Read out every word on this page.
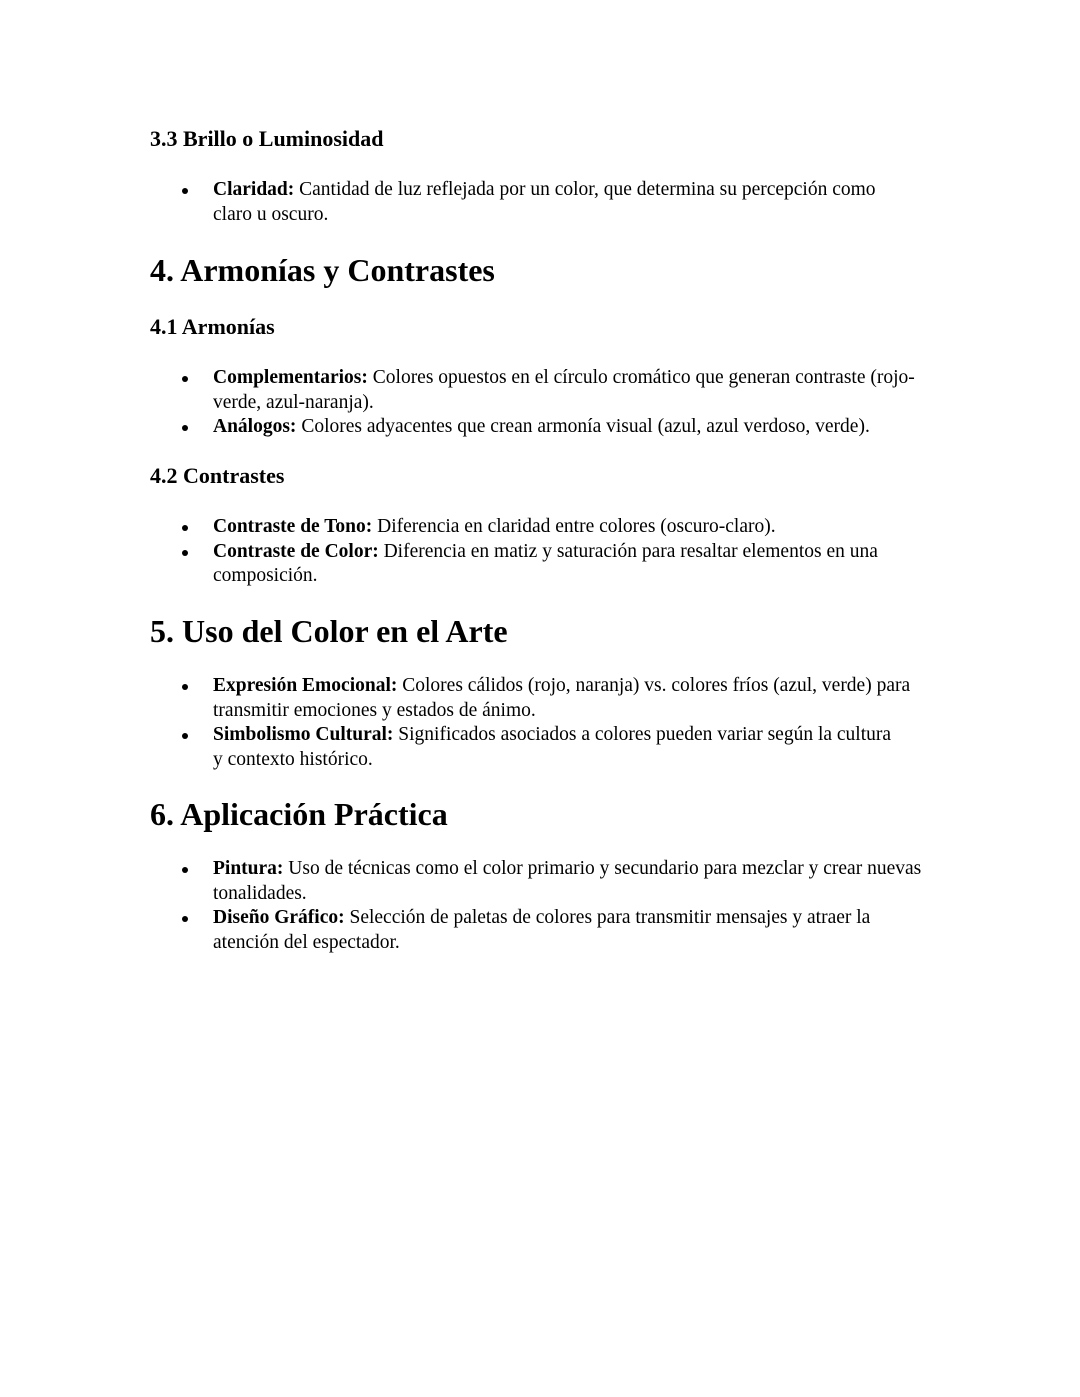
3.3 Brillo o Luminosidad
Claridad: Cantidad de luz reflejada por un color, que determina su percepción como claro u oscuro.
4. Armonías y Contrastes
4.1 Armonías
Complementarios: Colores opuestos en el círculo cromático que generan contraste (rojo-verde, azul-naranja).
Análogos: Colores adyacentes que crean armonía visual (azul, azul verdoso, verde).
4.2 Contrastes
Contraste de Tono: Diferencia en claridad entre colores (oscuro-claro).
Contraste de Color: Diferencia en matiz y saturación para resaltar elementos en una composición.
5. Uso del Color en el Arte
Expresión Emocional: Colores cálidos (rojo, naranja) vs. colores fríos (azul, verde) para transmitir emociones y estados de ánimo.
Simbolismo Cultural: Significados asociados a colores pueden variar según la cultura y contexto histórico.
6. Aplicación Práctica
Pintura: Uso de técnicas como el color primario y secundario para mezclar y crear nuevas tonalidades.
Diseño Gráfico: Selección de paletas de colores para transmitir mensajes y atraer la atención del espectador.
